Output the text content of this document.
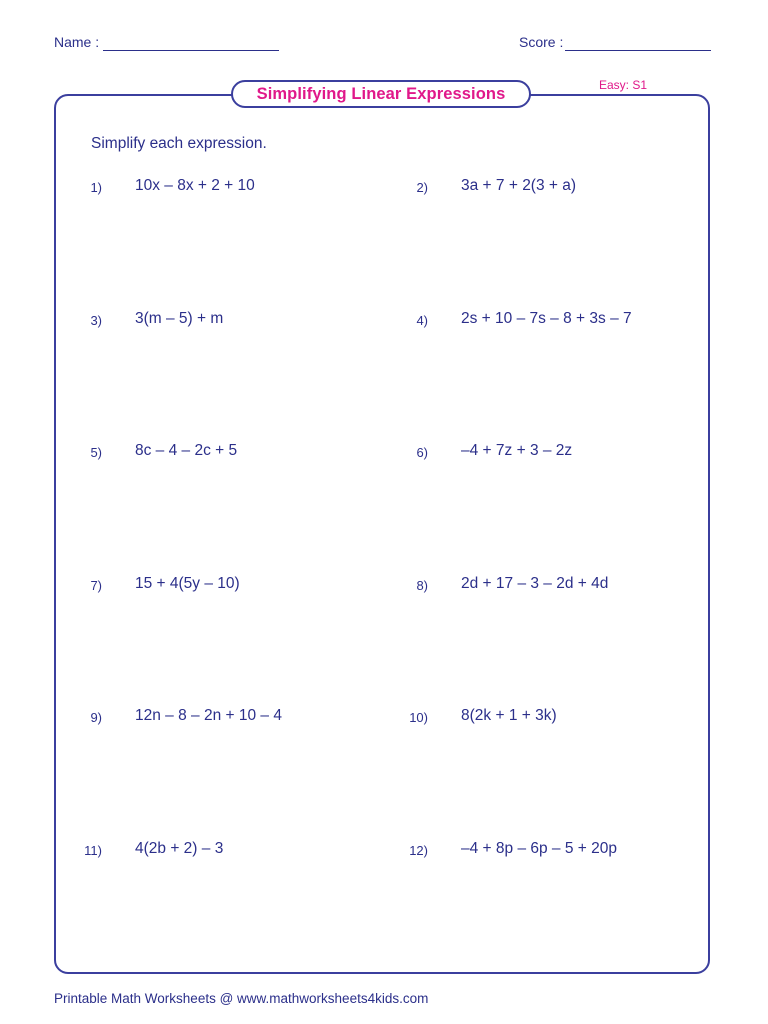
Name :	Score :
Simplifying Linear Expressions	Easy: S1
Simplify each expression.
1) 10x – 8x + 2 + 10
3) 3(m – 5) + m
5) 8c – 4 – 2c + 5
7) 15 + 4(5y – 10)
9) 12n – 8 – 2n + 10 – 4
11) 4(2b + 2) – 3
2) 3a + 7 + 2(3 + a)
4) 2s + 10 – 7s – 8 + 3s – 7
6) –4 + 7z + 3 – 2z
8) 2d + 17 – 3 – 2d + 4d
10) 8(2k + 1 + 3k)
12) –4 + 8p – 6p – 5 + 20p
Printable Math Worksheets @ www.mathworksheets4kids.com
